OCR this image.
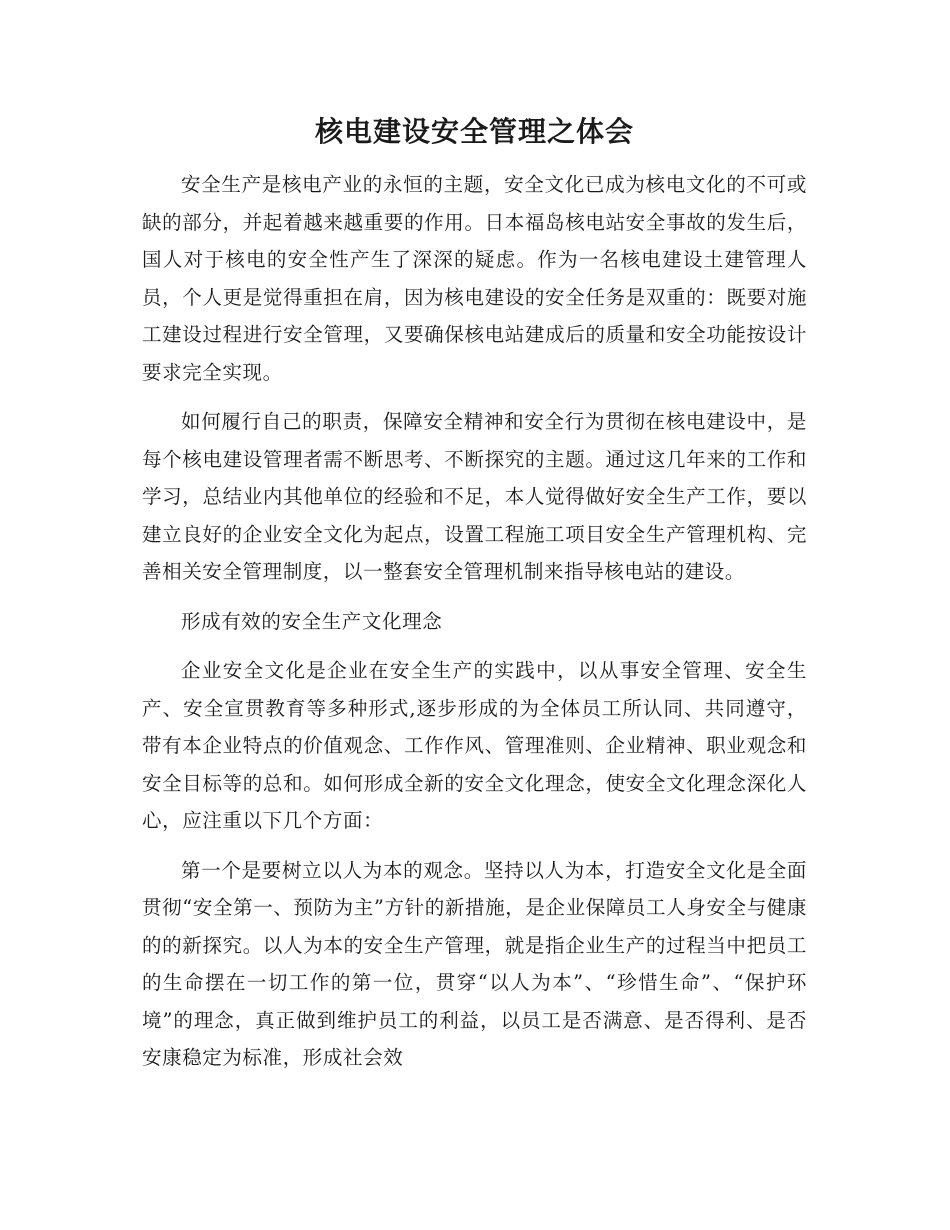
核电建设安全管理之体会

安全生产是核电产业的永恒的主题，安全文化已成为核电文化的不可或缺的部分，并起着越来越重要的作用。日本福岛核电站安全事故的发生后，国人对于核电的安全性产生了深深的疑虑。作为一名核电建设土建管理人员，个人更是觉得重担在肩，因为核电建设的安全任务是双重的：既要对施工建设过程进行安全管理，又要确保核电站建成后的质量和安全功能按设计要求完全实现。

如何履行自己的职责，保障安全精神和安全行为贯彻在核电建设中，是每个核电建设管理者需不断思考、不断探究的主题。通过这几年来的工作和学习，总结业内其他单位的经验和不足，本人觉得做好安全生产工作，要以建立良好的企业安全文化为起点，设置工程施工项目安全生产管理机构、完善相关安全管理制度，以一整套安全管理机制来指导核电站的建设。

形成有效的安全生产文化理念

企业安全文化是企业在安全生产的实践中，以从事安全管理、安全生产、安全宣贯教育等多种形式,逐步形成的为全体员工所认同、共同遵守，带有本企业特点的价值观念、工作作风、管理准则、企业精神、职业观念和安全目标等的总和。如何形成全新的安全文化理念，使安全文化理念深化人心，应注重以下几个方面：

第一个是要树立以人为本的观念。坚持以人为本，打造安全文化是全面贯彻“安全第一、预防为主”方针的新措施，是企业保障员工人身安全与健康的的新探究。以人为本的安全生产管理，就是指企业生产的过程当中把员工的生命摆在一切工作的第一位，贯穿“以人为本”、“珍惜生命”、“保护环境”的理念，真正做到维护员工的利益，以员工是否满意、是否得利、是否安康稳定为标准，形成社会效
